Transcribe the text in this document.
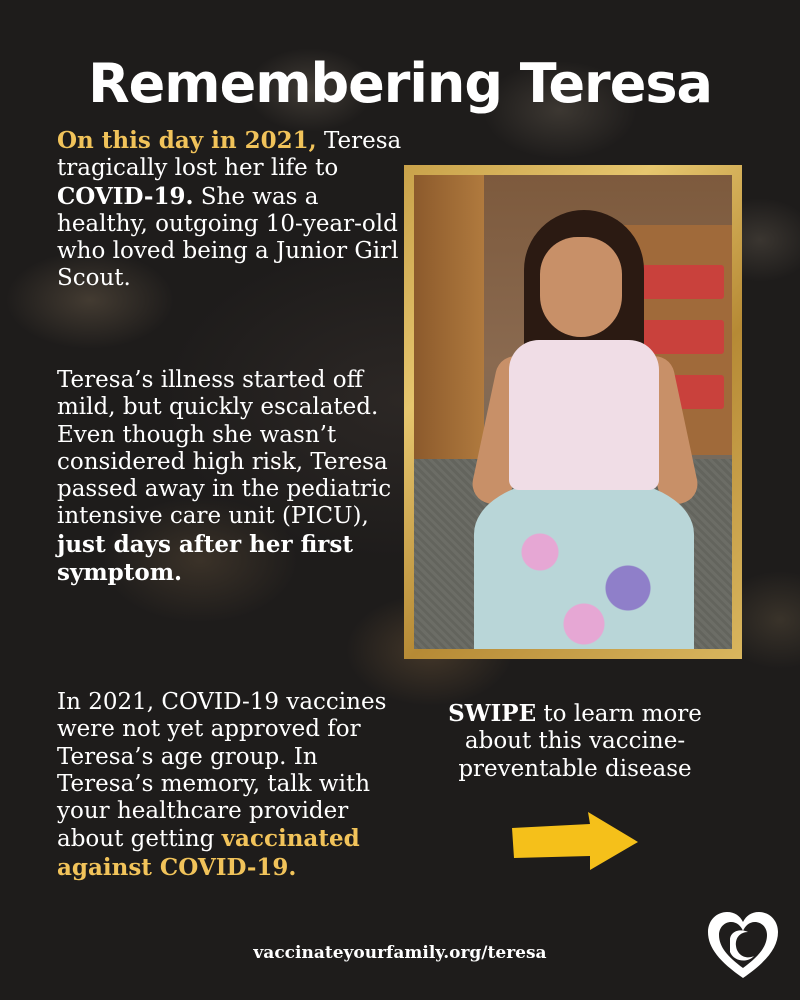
Remembering Teresa

On this day in 2021, Teresa tragically lost her life to COVID-19. She was a healthy, outgoing 10-year-old who loved being a Junior Girl Scout.

Teresa’s illness started off mild, but quickly escalated. Even though she wasn’t considered high risk, Teresa passed away in the pediatric intensive care unit (PICU), just days after her first symptom.

In 2021, COVID-19 vaccines were not yet approved for Teresa’s age group. In Teresa’s memory, talk with your healthcare provider about getting vaccinated against COVID-19.

SWIPE to learn more about this vaccine-preventable disease

vaccinateyourfamily.org/teresa
